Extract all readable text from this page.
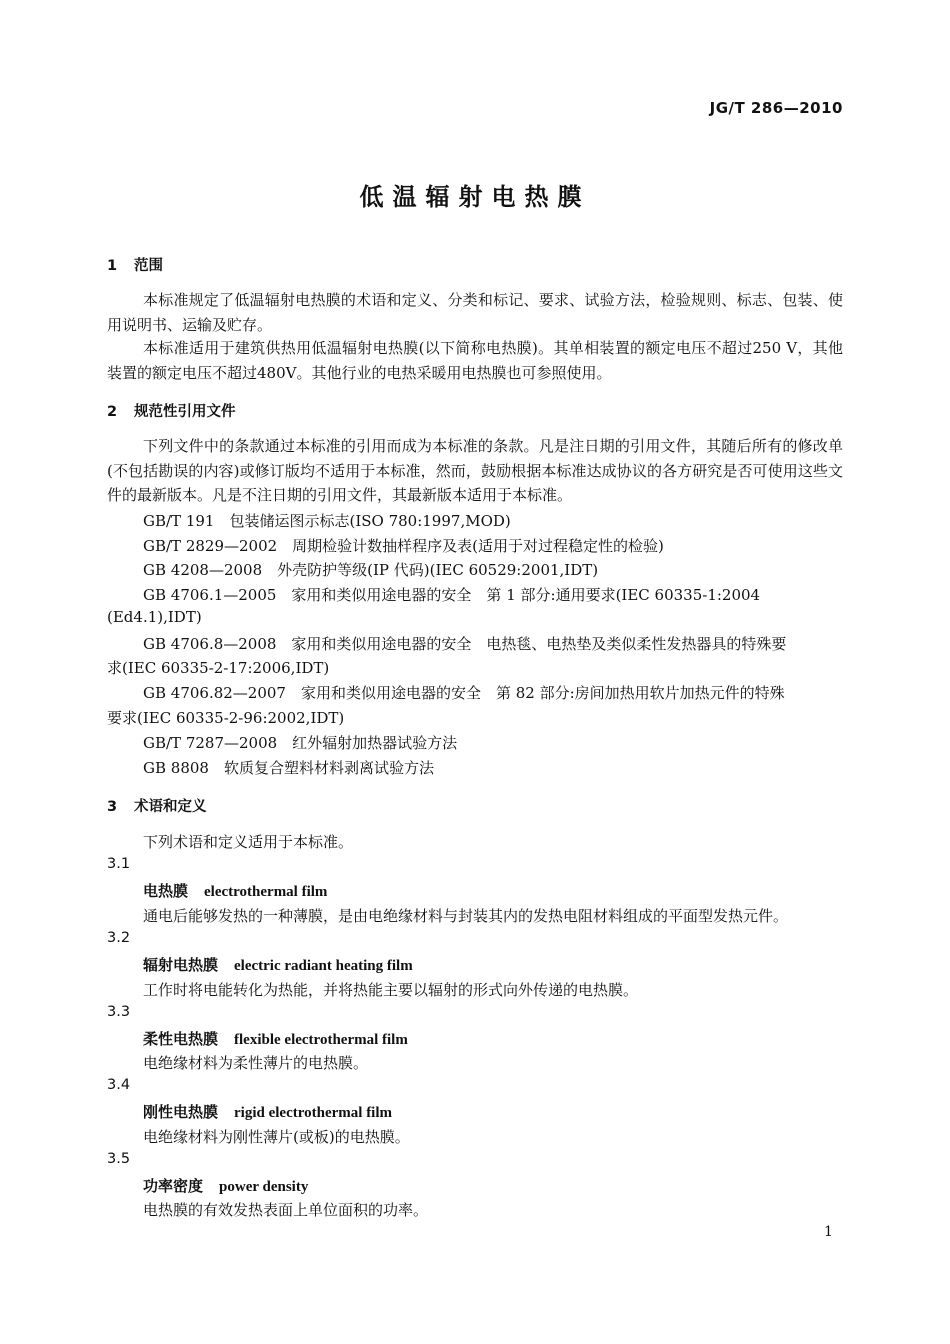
JG/T 286—2010
低温辐射电热膜
1 范围

本标准规定了低温辐射电热膜的术语和定义、分类和标记、要求、试验方法，检验规则、标志、包装、使用说明书、运输及贮存。

本标准适用于建筑供热用低温辐射电热膜(以下简称电热膜)。其单相装置的额定电压不超过250 V，其他装置的额定电压不超过480V。其他行业的电热采暖用电热膜也可参照使用。

2 规范性引用文件

下列文件中的条款通过本标准的引用而成为本标准的条款。凡是注日期的引用文件，其随后所有的修改单(不包括勘误的内容)或修订版均不适用于本标准，然而，鼓励根据本标准达成协议的各方研究是否可使用这些文件的最新版本。凡是不注日期的引用文件，其最新版本适用于本标准。

GB/T 191　包装储运图示标志(ISO 780:1997,MOD)

GB/T 2829—2002　周期检验计数抽样程序及表(适用于对过程稳定性的检验)

GB 4208—2008　外壳防护等级(IP 代码)(IEC 60529:2001,IDT)

GB 4706.1—2005　家用和类似用途电器的安全　第 1 部分:通用要求(IEC 60335-1:2004

(Ed4.1),IDT)

GB 4706.8—2008　家用和类似用途电器的安全　电热毯、电热垫及类似柔性发热器具的特殊要

求(IEC 60335-2-17:2006,IDT)

GB 4706.82—2007　家用和类似用途电器的安全　第 82 部分:房间加热用软片加热元件的特殊

要求(IEC 60335-2-96:2002,IDT)

GB/T 7287—2008　红外辐射加热器试验方法

GB 8808　软质复合塑料材料剥离试验方法

3 术语和定义

下列术语和定义适用于本标准。

3.1
电热膜 electrothermal film

通电后能够发热的一种薄膜，是由电绝缘材料与封装其内的发热电阻材料组成的平面型发热元件。

3.2
辐射电热膜 electric radiant heating film

工作时将电能转化为热能，并将热能主要以辐射的形式向外传递的电热膜。

3.3
柔性电热膜 flexible electrothermal film

电绝缘材料为柔性薄片的电热膜。

3.4
刚性电热膜 rigid electrothermal film

电绝缘材料为刚性薄片(或板)的电热膜。

3.5
功率密度 power density

电热膜的有效发热表面上单位面积的功率。

1
